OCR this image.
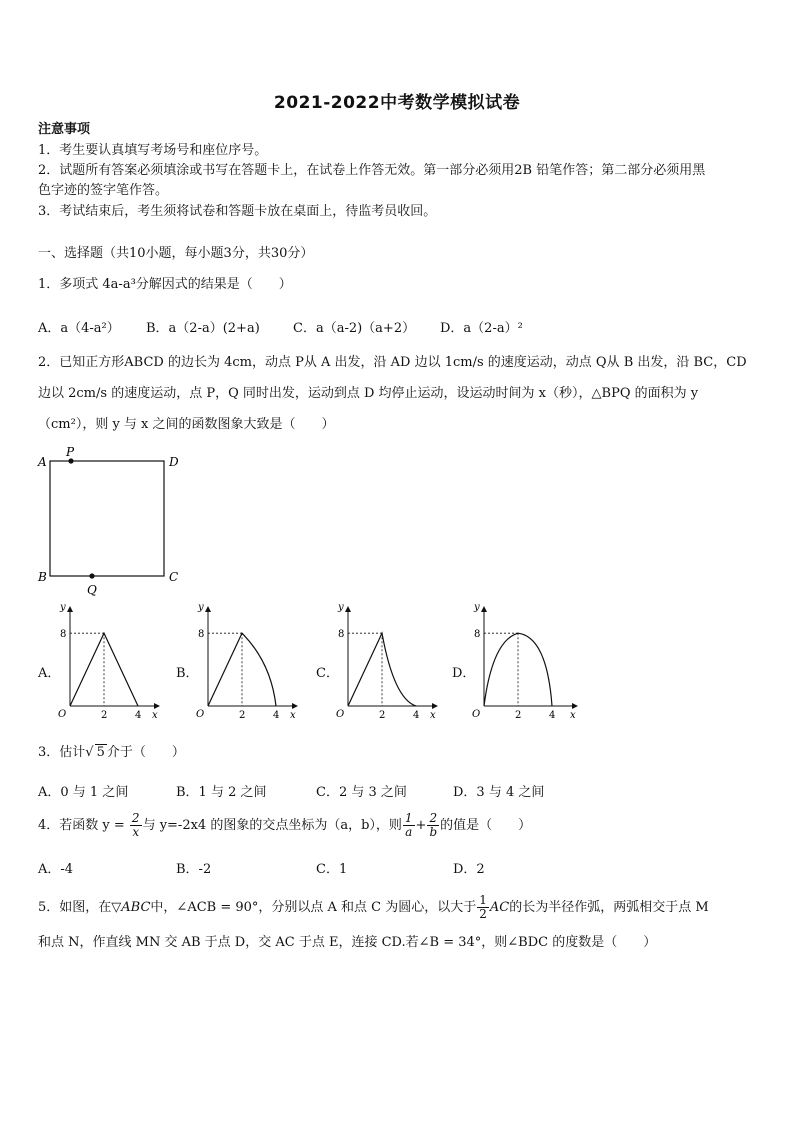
2021-2022中考数学模拟试卷
注意事项
1．考生要认真填写考场号和座位序号。
2．试题所有答案必须填涂或书写在答题卡上，在试卷上作答无效。第一部分必须用2B 铅笔作答；第二部分必须用黑
色字迹的签字笔作答。
3．考试结束后，考生须将试卷和答题卡放在桌面上，待监考员收回。
一、选择题（共10小题，每小题3分，共30分）
1．多项式 4a-a³分解因式的结果是（　　）
A．a（4-a²） B．a（2-a）(2+a)	C．a（a-2)（a+2） D．a（2-a）²
2．已知正方形ABCD 的边长为 4cm，动点 P从 A 出发，沿 AD 边以 1cm/s 的速度运动，动点 Q从 B 出发，沿 BC，CD
边以 2cm/s 的速度运动，点 P，Q 同时出发，运动到点 D 均停止运动，设运动时间为 x（秒），△BPQ 的面积为 y
（cm²），则 y 与 x 之间的函数图象大致是（　　）
A
P
D
B	C
Q
A．	B．	C．	D．
y
x
O
8
2	4
y
x
O
8
2	4
y
x
O
8
2	4
y
x
O
8
2	4
3．估计√ 5 介于（　　）
A．0 与 1 之间	B．1 与 2 之间	C．2 与 3 之间	D．3 与 4 之间
4．若函数 $y = \frac{2}{x}$ 与 y=-2x4 的图象的交点坐标为（a，b），则 $\frac{1}{a} + \frac{2}{b}$ 的值是（　　）
A．-4	B．-2	C．1	D．2
5．如图，在▽ABC中，∠ACB = 90°，分别以点 A 和点 C 为圆心，以大于 $\frac{1}{2}$ AC的长为半径作弧，两弧相交于点 M
和点 N，作直线 MN 交 AB 于点 D，交 AC 于点 E，连接 CD.若∠B = 34°，则∠BDC 的度数是（　　）
